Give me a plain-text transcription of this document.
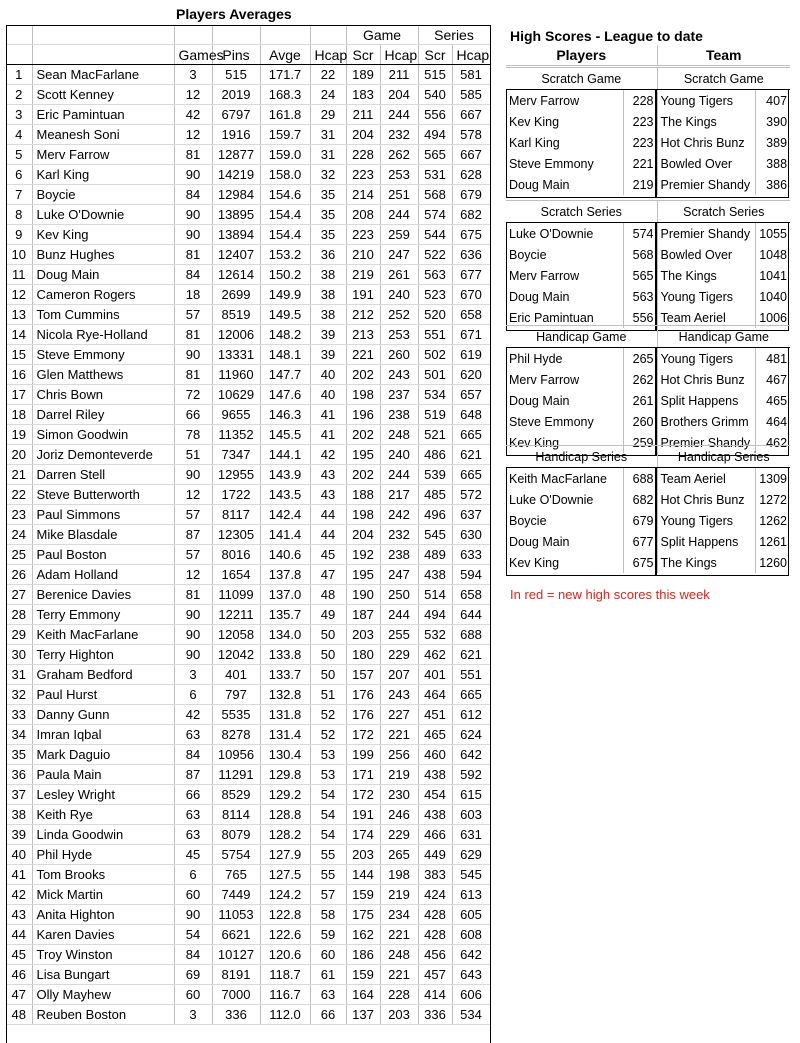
Players Averages
						Game		Series	
		Games	Pins	Avge	Hcap	Scr	Hcap	Scr	Hcap
1	Sean MacFarlane	3	515	171.7	22	189	211	515	581
2	Scott Kenney	12	2019	168.3	24	183	204	540	585
3	Eric Pamintuan	42	6797	161.8	29	211	244	556	667
4	Meanesh Soni	12	1916	159.7	31	204	232	494	578
5	Merv Farrow	81	12877	159.0	31	228	262	565	667
6	Karl King	90	14219	158.0	32	223	253	531	628
7	Boycie	84	12984	154.6	35	214	251	568	679
8	Luke O'Downie	90	13895	154.4	35	208	244	574	682
9	Kev King	90	13894	154.4	35	223	259	544	675
10	Bunz Hughes	81	12407	153.2	36	210	247	522	636
11	Doug Main	84	12614	150.2	38	219	261	563	677
12	Cameron Rogers	18	2699	149.9	38	191	240	523	670
13	Tom Cummins	57	8519	149.5	38	212	252	520	658
14	Nicola Rye-Holland	81	12006	148.2	39	213	253	551	671
15	Steve Emmony	90	13331	148.1	39	221	260	502	619
16	Glen Matthews	81	11960	147.7	40	202	243	501	620
17	Chris Bown	72	10629	147.6	40	198	237	534	657
18	Darrel Riley	66	9655	146.3	41	196	238	519	648
19	Simon Goodwin	78	11352	145.5	41	202	248	521	665
20	Joriz Demonteverde	51	7347	144.1	42	195	240	486	621
21	Darren Stell	90	12955	143.9	43	202	244	539	665
22	Steve Butterworth	12	1722	143.5	43	188	217	485	572
23	Paul Simmons	57	8117	142.4	44	198	242	496	637
24	Mike Blasdale	87	12305	141.4	44	204	232	545	630
25	Paul Boston	57	8016	140.6	45	192	238	489	633
26	Adam Holland	12	1654	137.8	47	195	247	438	594
27	Berenice Davies	81	11099	137.0	48	190	250	514	658
28	Terry Emmony	90	12211	135.7	49	187	244	494	644
29	Keith MacFarlane	90	12058	134.0	50	203	255	532	688
30	Terry Highton	90	12042	133.8	50	180	229	462	621
31	Graham Bedford	3	401	133.7	50	157	207	401	551
32	Paul Hurst	6	797	132.8	51	176	243	464	665
33	Danny Gunn	42	5535	131.8	52	176	227	451	612
34	Imran Iqbal	63	8278	131.4	52	172	221	465	624
35	Mark Daguio	84	10956	130.4	53	199	256	460	642
36	Paula Main	87	11291	129.8	53	171	219	438	592
37	Lesley Wright	66	8529	129.2	54	172	230	454	615
38	Keith Rye	63	8114	128.8	54	191	246	438	603
39	Linda Goodwin	63	8079	128.2	54	174	229	466	631
40	Phil Hyde	45	5754	127.9	55	203	265	449	629
41	Tom Brooks	6	765	127.5	55	144	198	383	545
42	Mick Martin	60	7449	124.2	57	159	219	424	613
43	Anita Highton	90	11053	122.8	58	175	234	428	605
44	Karen Davies	54	6621	122.6	59	162	221	428	608
45	Troy Winston	84	10127	120.6	60	186	248	456	642
46	Lisa Bungart	69	8191	118.7	61	159	221	457	643
47	Olly Mayhew	60	7000	116.7	63	164	228	414	606
48	Reuben Boston	3	336	112.0	66	137	203	336	534
High Scores - League to date
Players	Team
Scratch Game		Scratch Game	
Merv Farrow	228	Young Tigers	407
Kev King	223	The Kings	390
Karl King	223	Hot Chris Bunz	389
Steve Emmony	221	Bowled Over	388
Doug Main	219	Premier Shandy	386
Scratch Series		Scratch Series	
Luke O'Downie	574	Premier Shandy	1055
Boycie	568	Bowled Over	1048
Merv Farrow	565	The Kings	1041
Doug Main	563	Young Tigers	1040
Eric Pamintuan	556	Team Aeriel	1006
Handicap Game		Handicap Game	
Phil Hyde	265	Young Tigers	481
Merv Farrow	262	Hot Chris Bunz	467
Doug Main	261	Split Happens	465
Steve Emmony	260	Brothers Grimm	464
Kev King	259	Premier Shandy	462
Handicap Series		Handicap Series	
Keith MacFarlane	688	Team Aeriel	1309
Luke O'Downie	682	Hot Chris Bunz	1272
Boycie	679	Young Tigers	1262
Doug Main	677	Split Happens	1261
Kev King	675	The Kings	1260
In red = new high scores this week
